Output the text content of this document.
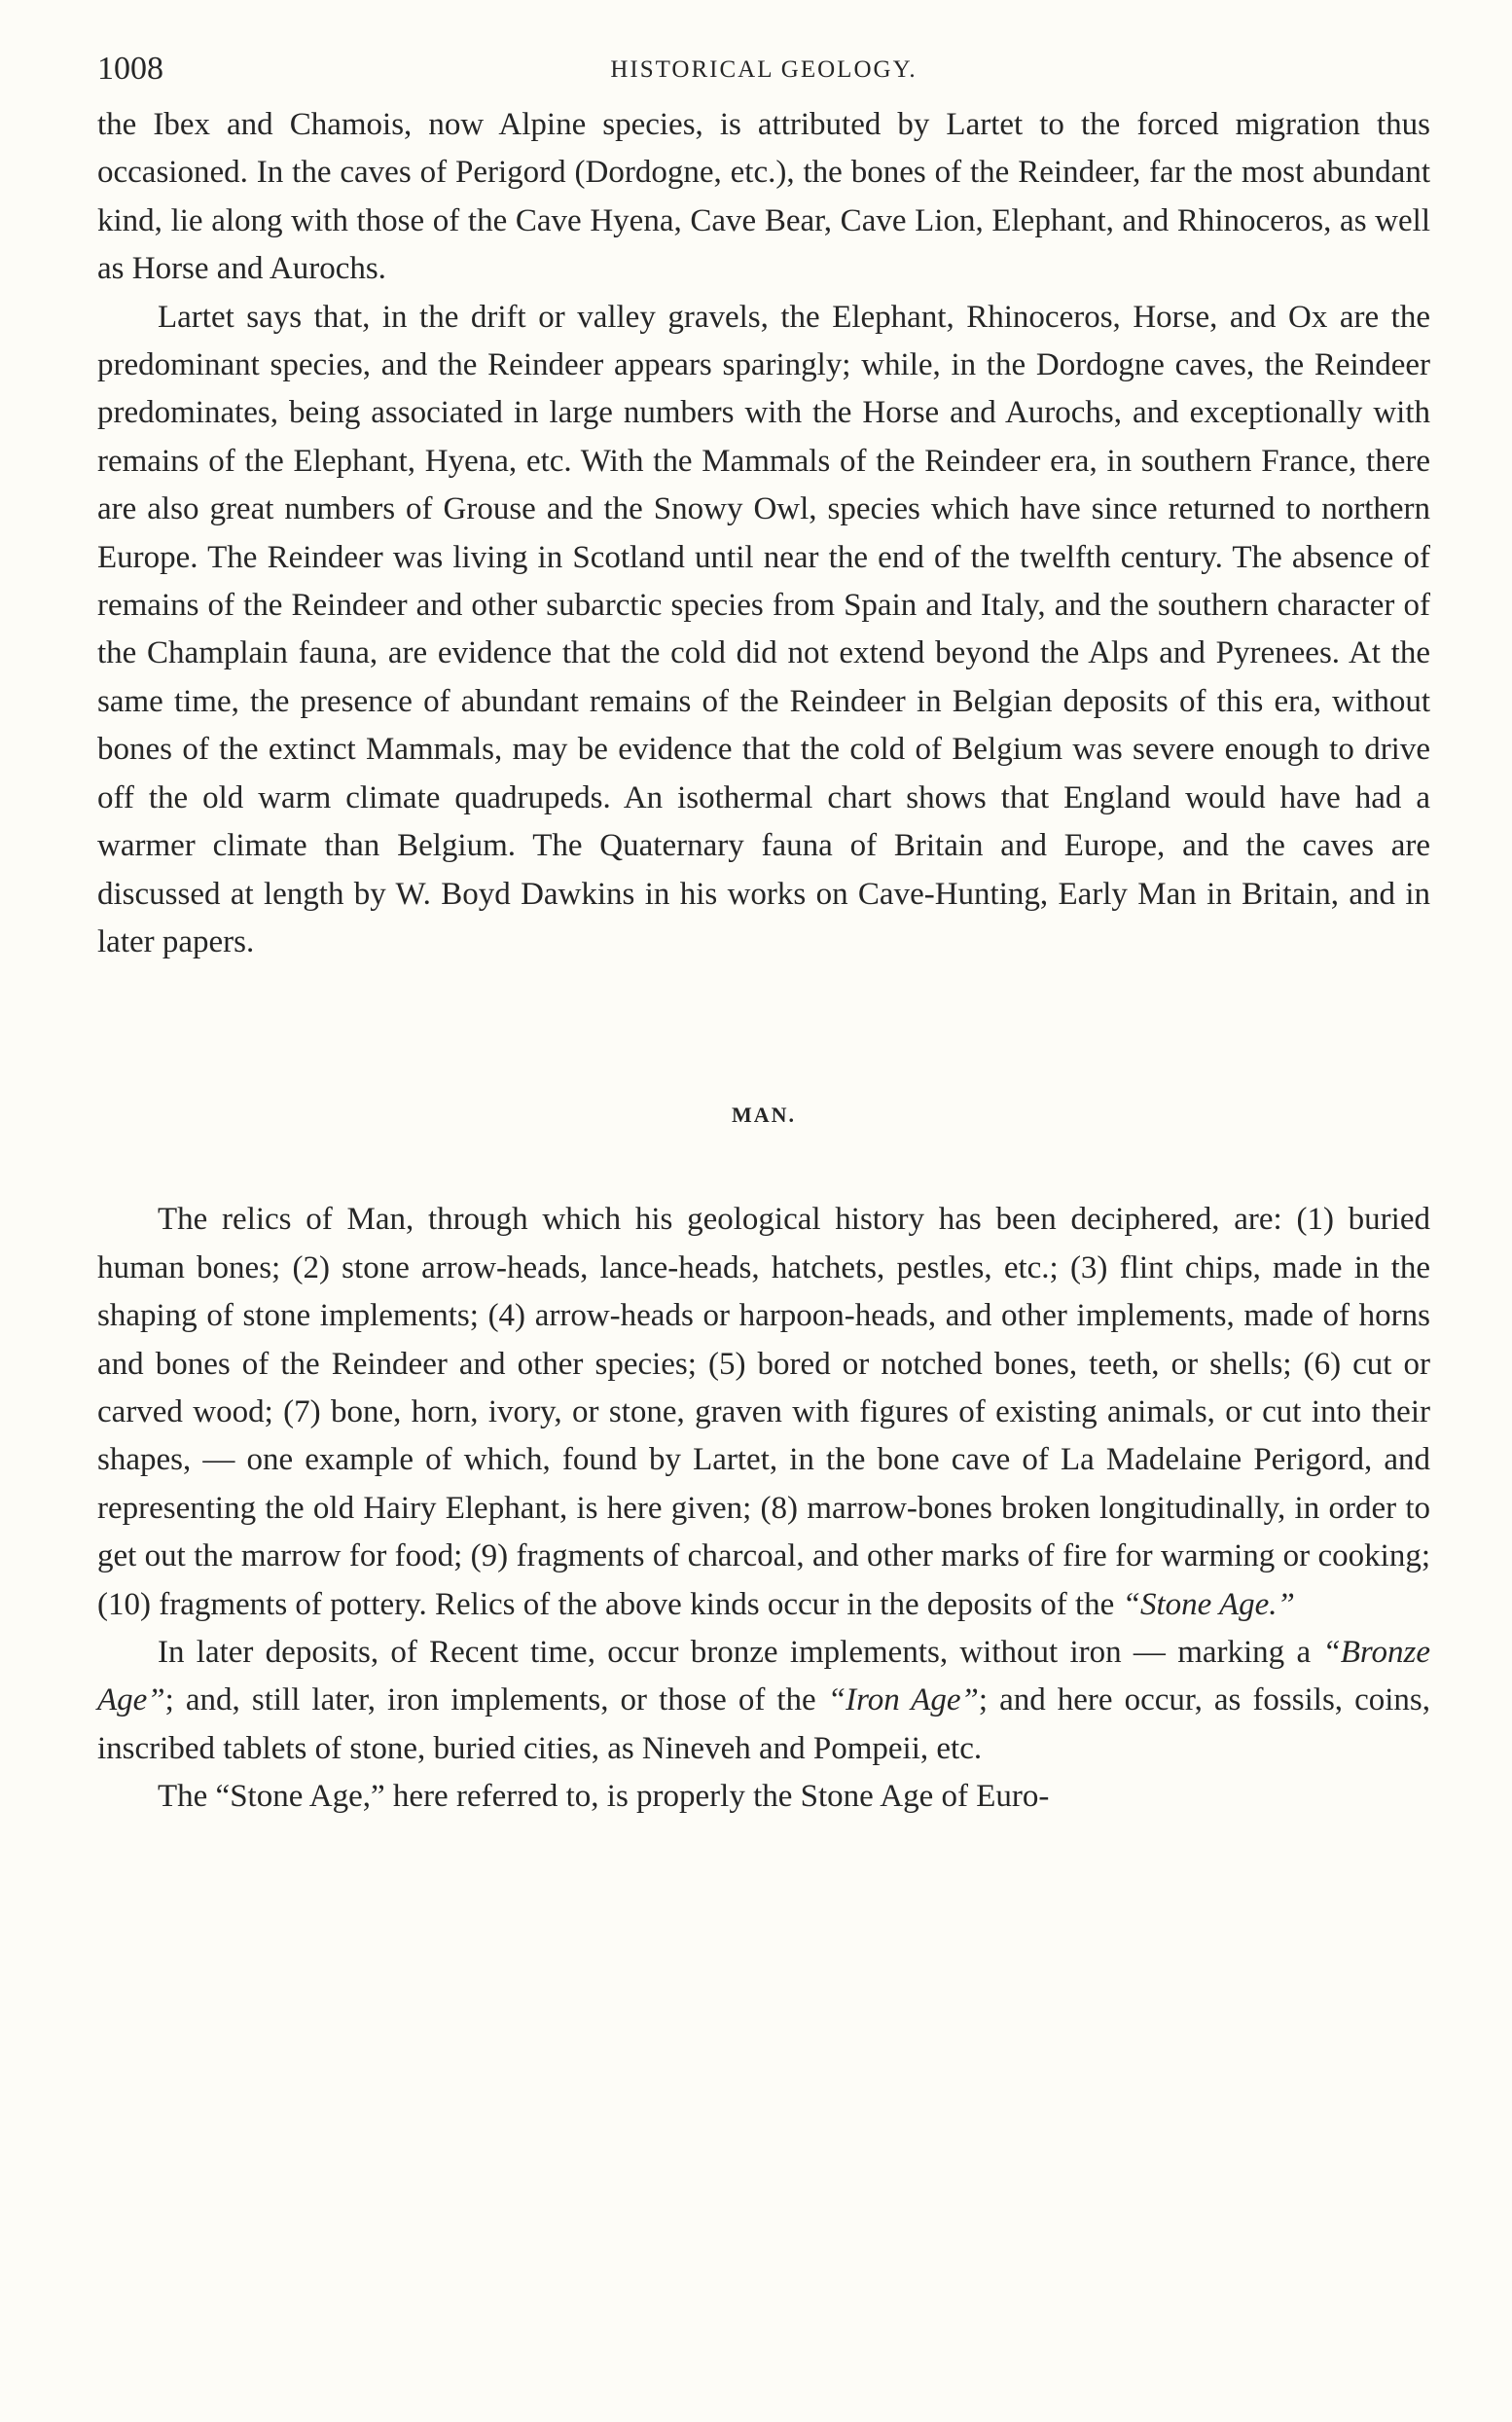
1008	HISTORICAL GEOLOGY.

the Ibex and Chamois, now Alpine species, is attributed by Lartet to the forced migration thus occasioned. In the caves of Perigord (Dordogne, etc.), the bones of the Reindeer, far the most abundant kind, lie along with those of the Cave Hyena, Cave Bear, Cave Lion, Elephant, and Rhinoceros, as well as Horse and Aurochs.

Lartet says that, in the drift or valley gravels, the Elephant, Rhinoceros, Horse, and Ox are the predominant species, and the Reindeer appears sparingly; while, in the Dordogne caves, the Reindeer predominates, being associated in large numbers with the Horse and Aurochs, and exceptionally with remains of the Elephant, Hyena, etc. With the Mammals of the Reindeer era, in southern France, there are also great numbers of Grouse and the Snowy Owl, species which have since returned to northern Europe. The Reindeer was living in Scotland until near the end of the twelfth century. The absence of remains of the Reindeer and other subarctic species from Spain and Italy, and the southern character of the Champlain fauna, are evidence that the cold did not extend beyond the Alps and Pyrenees. At the same time, the presence of abundant remains of the Reindeer in Belgian deposits of this era, without bones of the extinct Mammals, may be evidence that the cold of Belgium was severe enough to drive off the old warm climate quadrupeds. An isothermal chart shows that England would have had a warmer climate than Belgium. The Quaternary fauna of Britain and Europe, and the caves are discussed at length by W. Boyd Dawkins in his works on Cave-Hunting, Early Man in Britain, and in later papers.

MAN.

The relics of Man, through which his geological history has been deciphered, are: (1) buried human bones; (2) stone arrow-heads, lance-heads, hatchets, pestles, etc.; (3) flint chips, made in the shaping of stone implements; (4) arrow-heads or harpoon-heads, and other implements, made of horns and bones of the Reindeer and other species; (5) bored or notched bones, teeth, or shells; (6) cut or carved wood; (7) bone, horn, ivory, or stone, graven with figures of existing animals, or cut into their shapes, — one example of which, found by Lartet, in the bone cave of La Madelaine Perigord, and representing the old Hairy Elephant, is here given; (8) marrow-bones broken longitudinally, in order to get out the marrow for food; (9) fragments of charcoal, and other marks of fire for warming or cooking; (10) fragments of pottery. Relics of the above kinds occur in the deposits of the “Stone Age.”

In later deposits, of Recent time, occur bronze implements, without iron — marking a “Bronze Age”; and, still later, iron implements, or those of the “Iron Age”; and here occur, as fossils, coins, inscribed tablets of stone, buried cities, as Nineveh and Pompeii, etc.

The “Stone Age,” here referred to, is properly the Stone Age of Euro-
